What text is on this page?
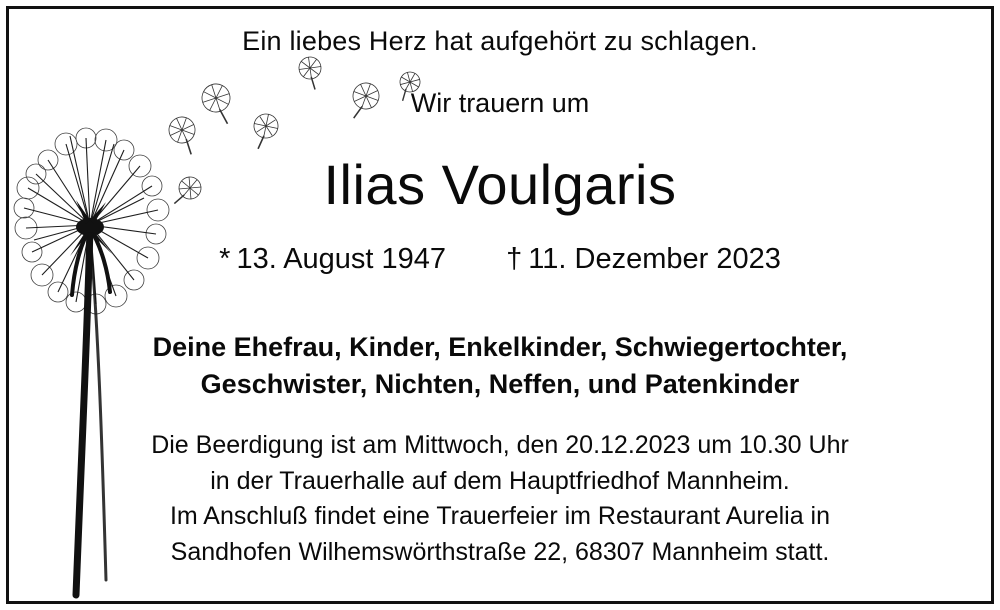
Ein liebes Herz hat aufgehört zu schlagen.
Wir trauern um
Ilias Voulgaris
* 13. August 1947 † 11. Dezember 2023
Deine Ehefrau, Kinder, Enkelkinder, Schwiegertochter,
Geschwister, Nichten, Neffen, und Patenkinder
Die Beerdigung ist am Mittwoch, den 20.12.2023 um 10.30 Uhr
in der Trauerhalle auf dem Hauptfriedhof Mannheim.
Im Anschluß findet eine Trauerfeier im Restaurant Aurelia in
Sandhofen Wilhemswörthstraße 22, 68307 Mannheim statt.
